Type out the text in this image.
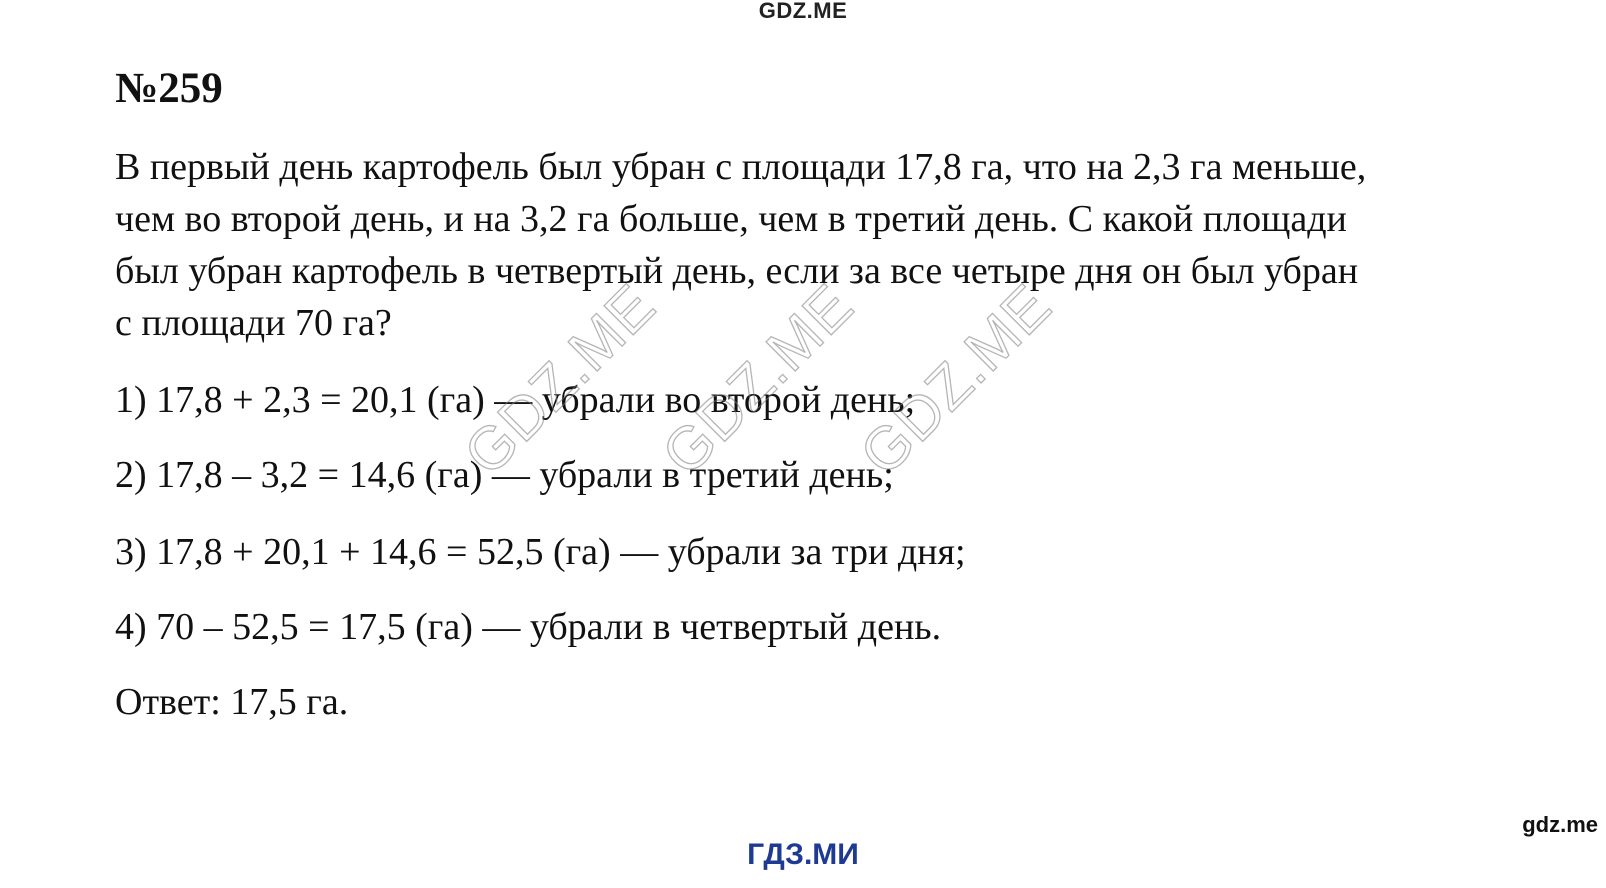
GDZ.ME
№259
В первый день картофель был убран с площади 17,8 га, что на 2,3 га меньше,
чем во второй день, и на 3,2 га больше, чем в третий день. С какой площади
был убран картофель в четвертый день, если за все четыре дня он был убран
с площади 70 га?
1) 17,8 + 2,3 = 20,1 (га) — убрали во второй день;
2) 17,8 – 3,2 = 14,6 (га) — убрали в третий день;
3) 17,8 + 20,1 + 14,6 = 52,5 (га) — убрали за три дня;
4) 70 – 52,5 = 17,5 (га) — убрали в четвертый день.
Ответ: 17,5 га.
GDZ.ME
GDZ.ME
GDZ.ME
gdz.me
ГДЗ.МИ
